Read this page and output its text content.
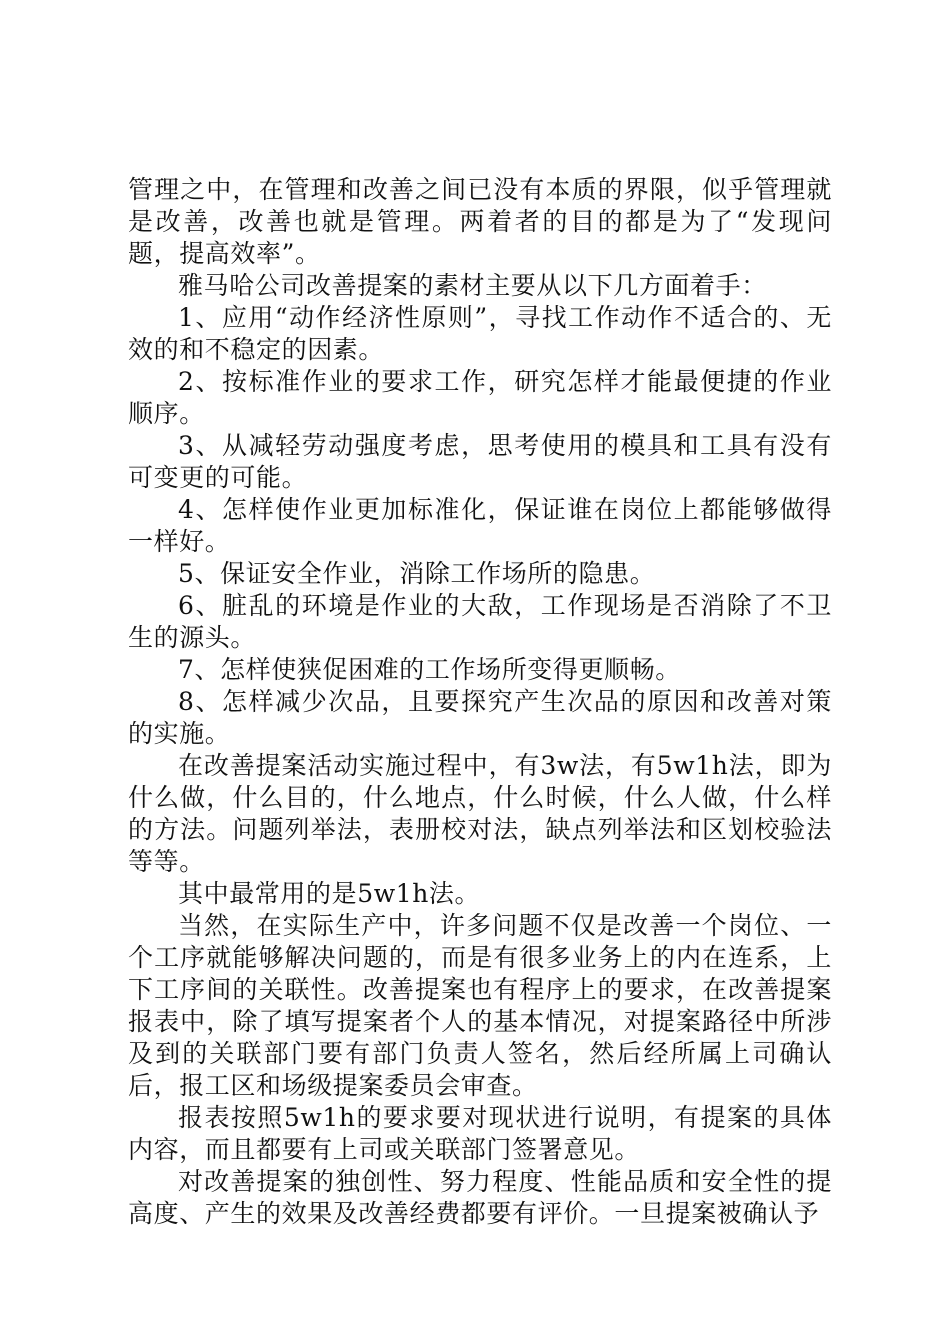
管理之中，在管理和改善之间已没有本质的界限，似乎管理就是改善，改善也就是管理。两着者的目的都是为了“发现问题，提高效率”。

雅马哈公司改善提案的素材主要从以下几方面着手：

1、应用“动作经济性原则”，寻找工作动作不适合的、无效的和不稳定的因素。

2、按标准作业的要求工作，研究怎样才能最便捷的作业顺序。

3、从减轻劳动强度考虑，思考使用的模具和工具有没有可变更的可能。

4、怎样使作业更加标准化，保证谁在岗位上都能够做得一样好。

5、保证安全作业，消除工作场所的隐患。

6、脏乱的环境是作业的大敌，工作现场是否消除了不卫生的源头。

7、怎样使狭促困难的工作场所变得更顺畅。

8、怎样减少次品，且要探究产生次品的原因和改善对策的实施。

在改善提案活动实施过程中，有3w法，有5w1h法，即为什么做，什么目的，什么地点，什么时候，什么人做，什么样的方法。问题列举法，表册校对法，缺点列举法和区划校验法等等。

其中最常用的是5w1h法。

当然，在实际生产中，许多问题不仅是改善一个岗位、一个工序就能够解决问题的，而是有很多业务上的内在连系，上下工序间的关联性。改善提案也有程序上的要求，在改善提案报表中，除了填写提案者个人的基本情况，对提案路径中所涉及到的关联部门要有部门负责人签名，然后经所属上司确认后，报工区和场级提案委员会审查。

报表按照5w1h的要求要对现状进行说明，有提案的具体内容，而且都要有上司或关联部门签署意见。

对改善提案的独创性、努力程度、性能品质和安全性的提高度、产生的效果及改善经费都要有评价。一旦提案被确认予
